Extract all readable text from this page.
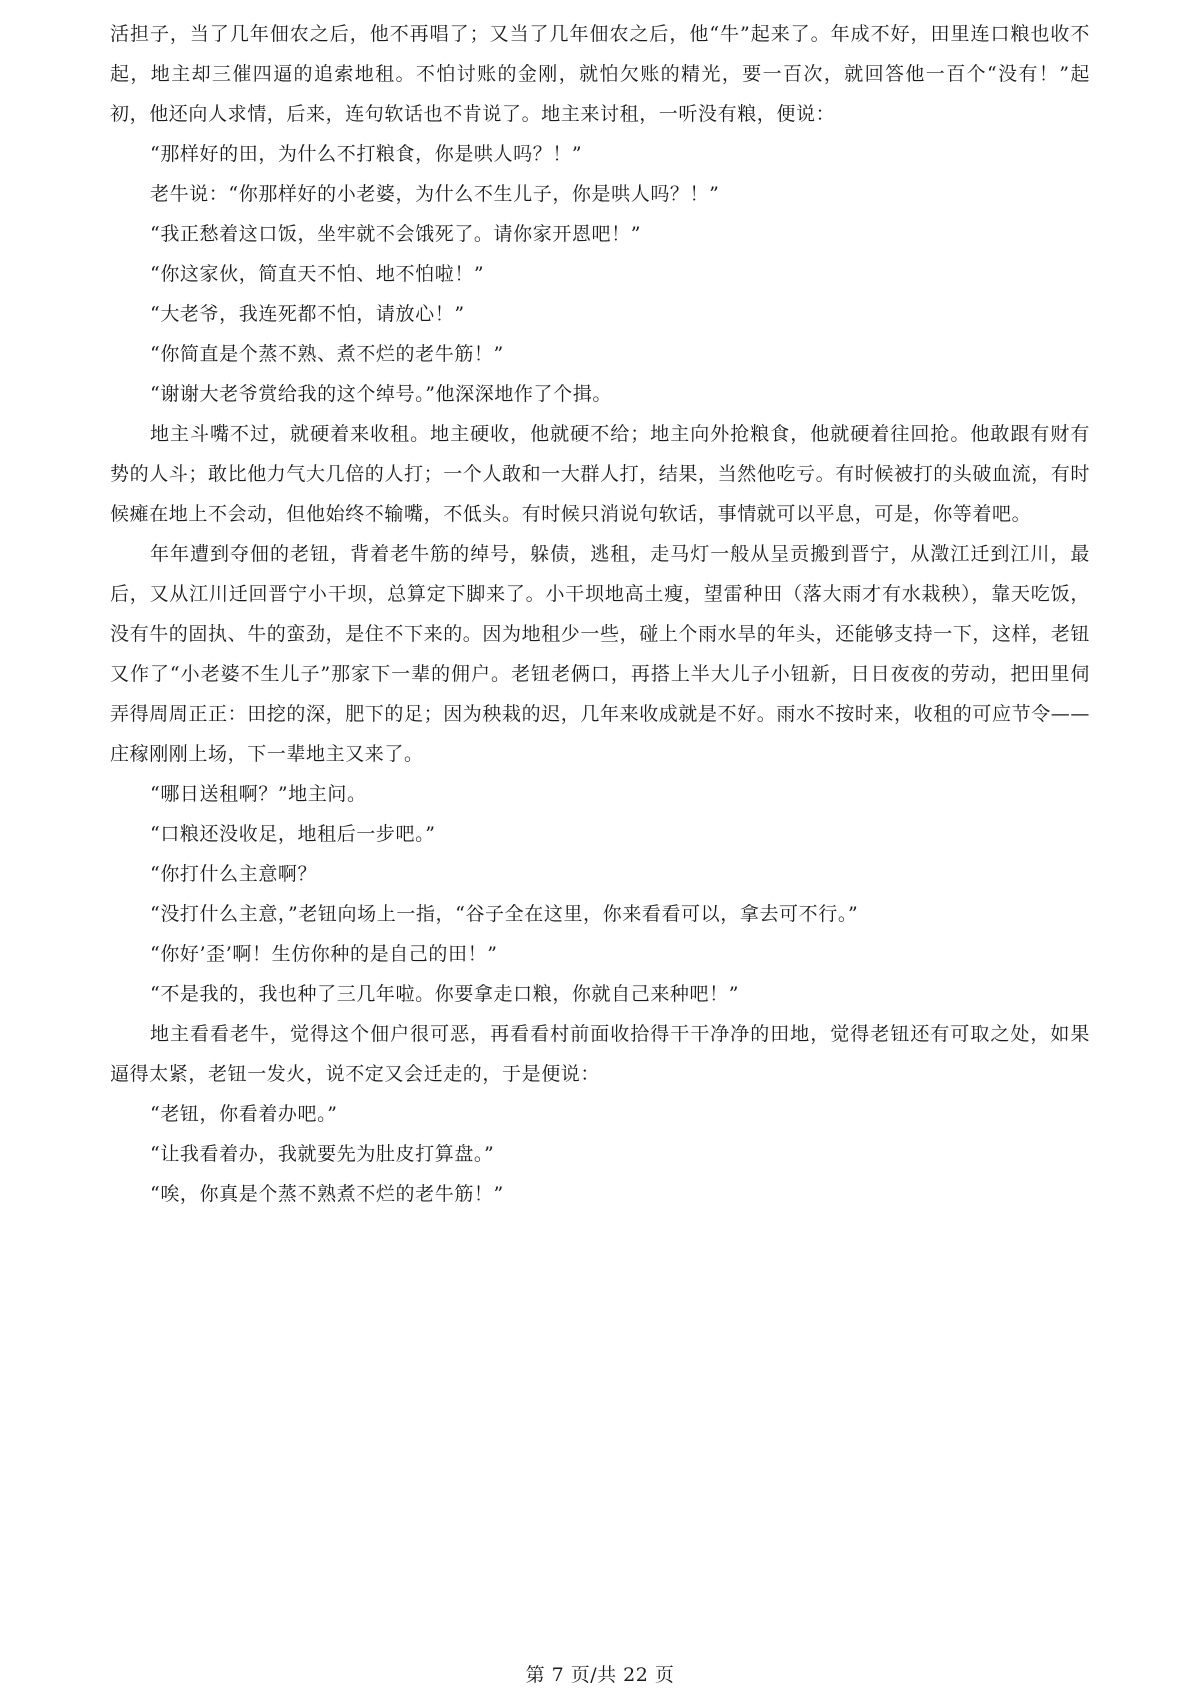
活担子，当了几年佃农之后，他不再唱了；又当了几年佃农之后，他“牛”起来了。年成不好，田里连口粮也收不起，地主却三催四逼的追索地租。不怕讨账的金刚，就怕欠账的精光，要一百次，就回答他一百个“没有！”起初，他还向人求情，后来，连句软话也不肯说了。地主来讨租，一听没有粮，便说：

“那样好的田，为什么不打粮食，你是哄人吗？！”

老牛说：“你那样好的小老婆，为什么不生儿子，你是哄人吗？！”

“我正愁着这口饭，坐牢就不会饿死了。请你家开恩吧！”

“你这家伙，简直天不怕、地不怕啦！”

“大老爷，我连死都不怕，请放心！”

“你简直是个蒸不熟、煮不烂的老牛筋！”

“谢谢大老爷赏给我的这个绰号。”他深深地作了个揖。

地主斗嘴不过，就硬着来收租。地主硬收，他就硬不给；地主向外抢粮食，他就硬着往回抢。他敢跟有财有势的人斗；敢比他力气大几倍的人打；一个人敢和一大群人打，结果，当然他吃亏。有时候被打的头破血流，有时候瘫在地上不会动，但他始终不输嘴，不低头。有时候只消说句软话，事情就可以平息，可是，你等着吧。

年年遭到夺佃的老钮，背着老牛筋的绰号，躲债，逃租，走马灯一般从呈贡搬到晋宁，从澂江迁到江川，最后，又从江川迁回晋宁小干坝，总算定下脚来了。小干坝地高土瘦，望雷种田（落大雨才有水栽秧），靠天吃饭，没有牛的固执、牛的蛮劲，是住不下来的。因为地租少一些，碰上个雨水旱的年头，还能够支持一下，这样，老钮又作了“小老婆不生儿子”那家下一辈的佣户。老钮老俩口，再搭上半大儿子小钮新，日日夜夜的劳动，把田里伺弄得周周正正：田挖的深，肥下的足；因为秧栽的迟，几年来收成就是不好。雨水不按时来，收租的可应节令——庄稼刚刚上场，下一辈地主又来了。

“哪日送租啊？”地主问。

“口粮还没收足，地租后一步吧。”

“你打什么主意啊？

“没打什么主意，”老钮向场上一指，“谷子全在这里，你来看看可以，拿去可不行。”

“你好’歪’啊！生仿你种的是自己的田！”

“不是我的，我也种了三几年啦。你要拿走口粮，你就自己来种吧！”

地主看看老牛，觉得这个佃户很可恶，再看看村前面收拾得干干净净的田地，觉得老钮还有可取之处，如果逼得太紧，老钮一发火，说不定又会迁走的，于是便说：

“老钮，你看着办吧。”

“让我看着办，我就要先为肚皮打算盘。”

“唉，你真是个蒸不熟煮不烂的老牛筋！”

第 7 页/共 22 页
